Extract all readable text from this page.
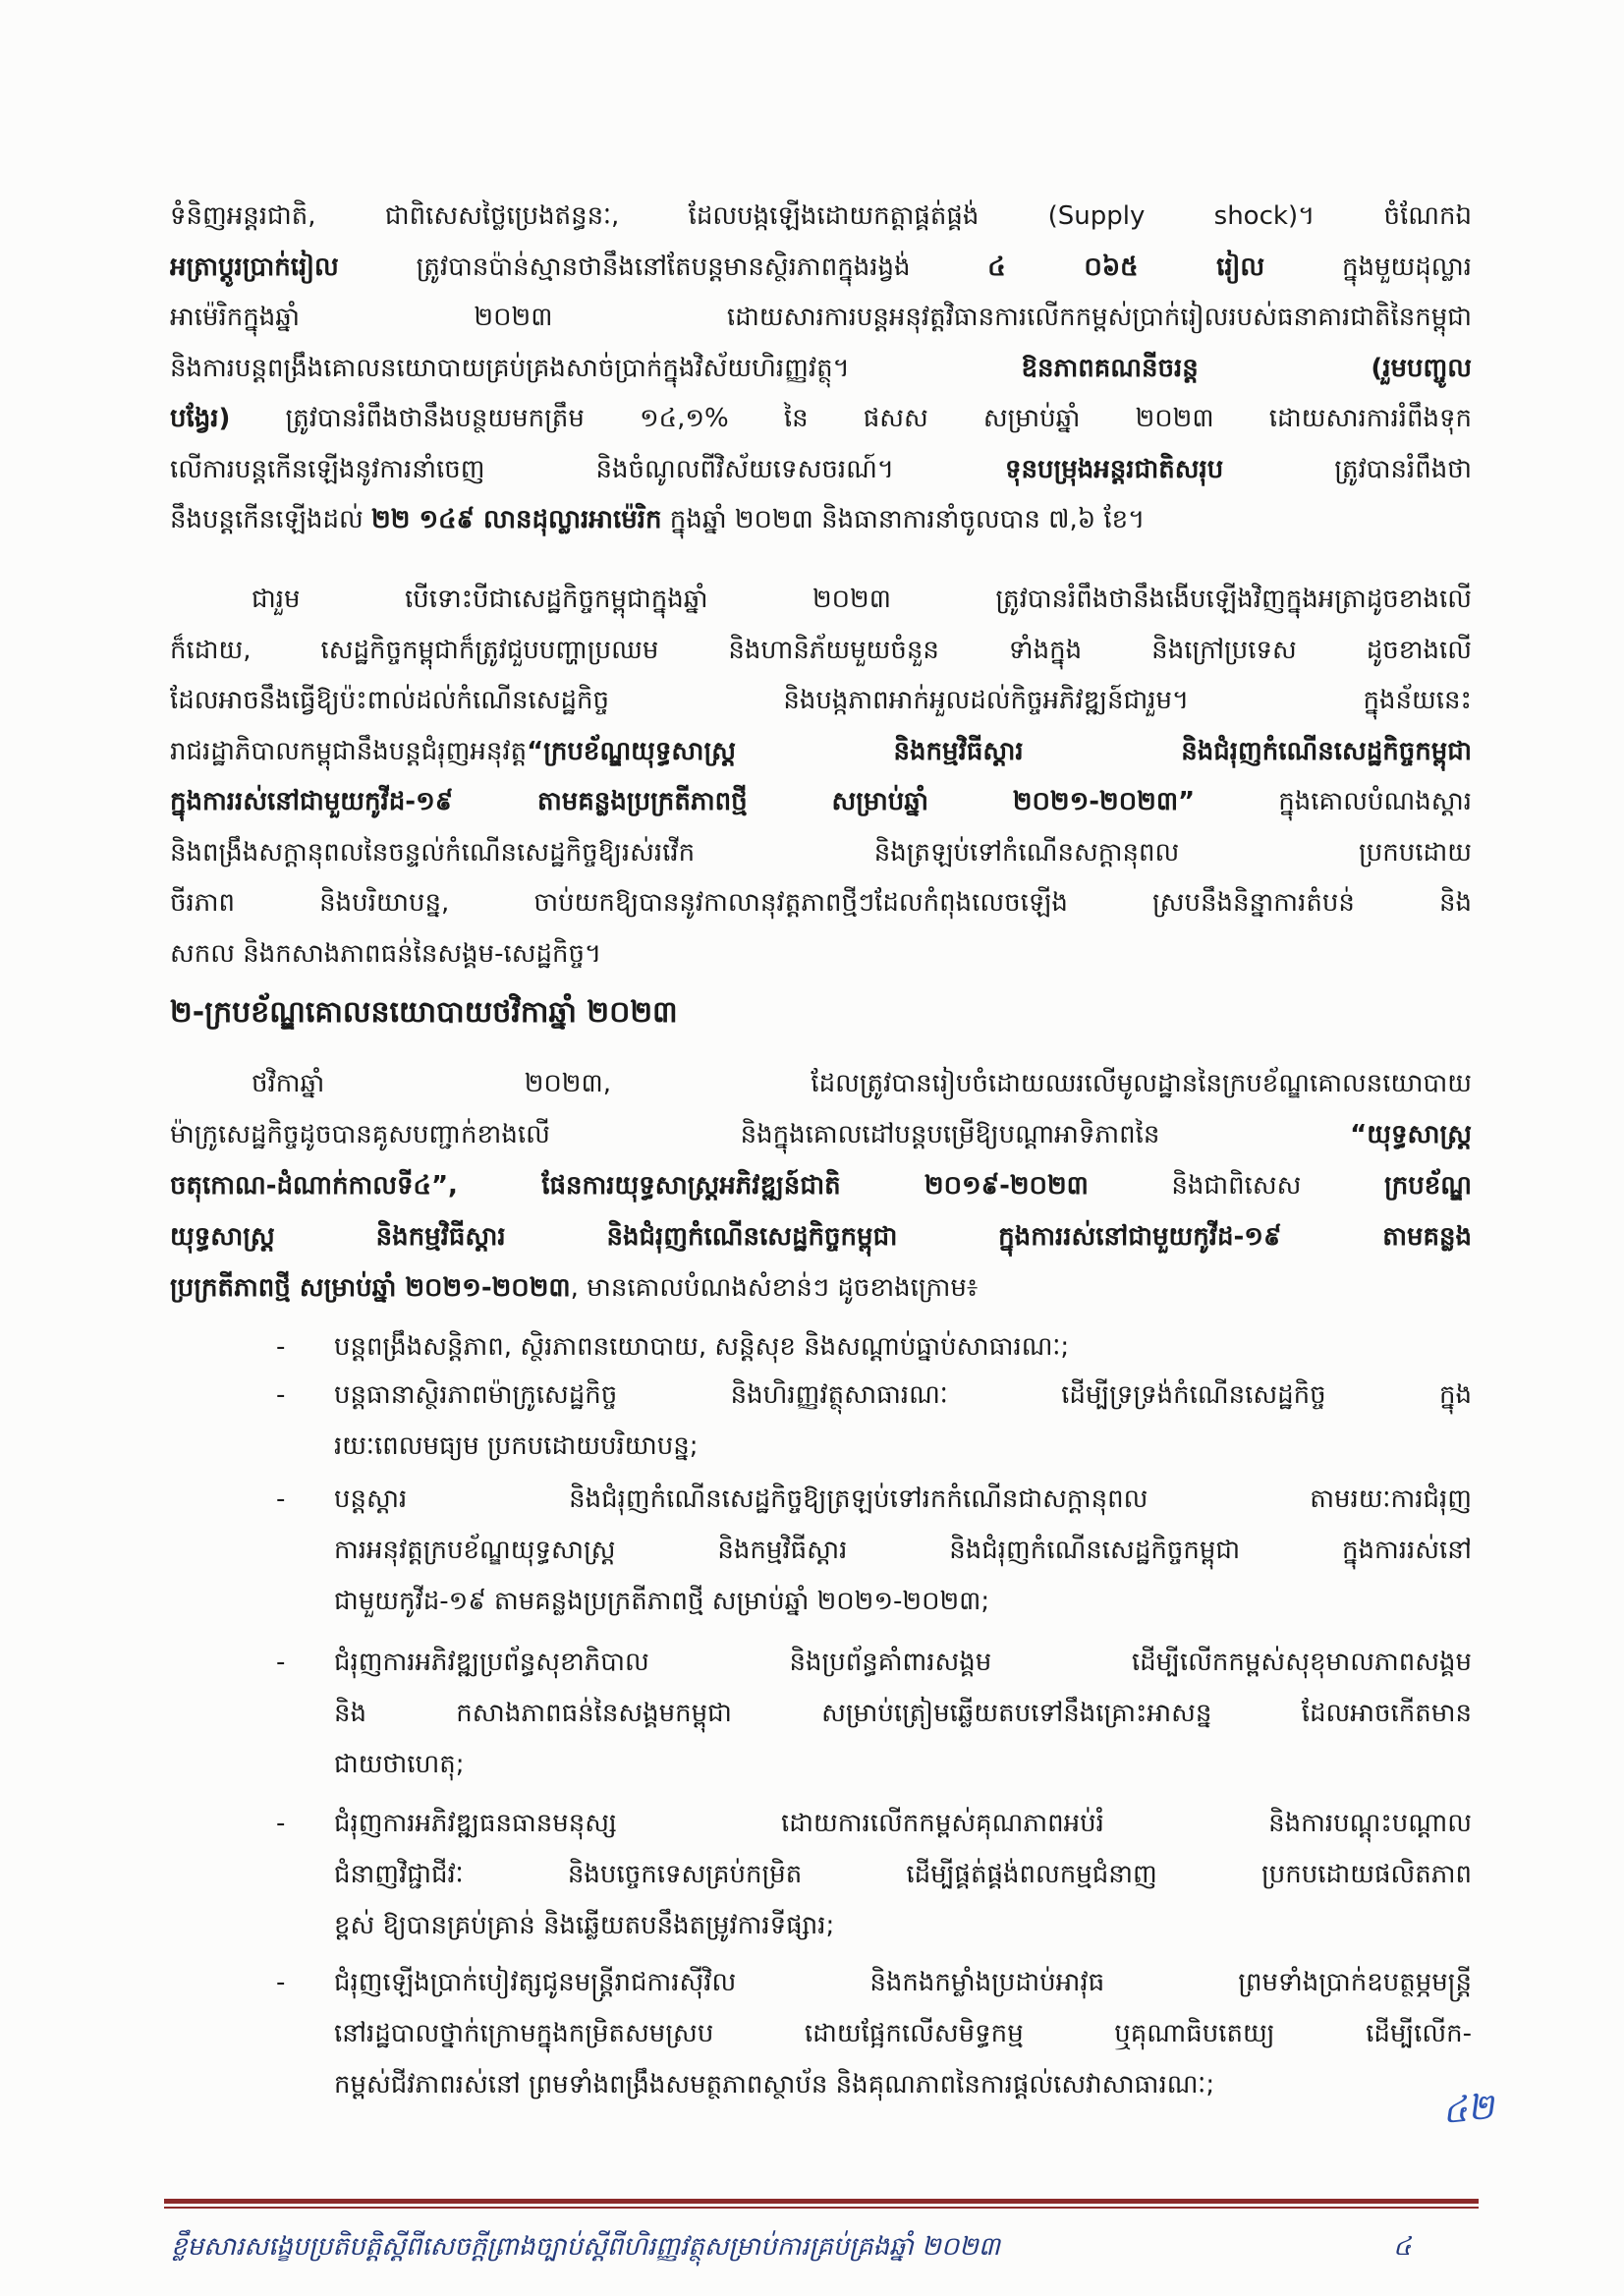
ទំនិញអន្តរជាតិ, ជាពិសេសថ្លៃប្រេងឥន្ធនៈ, ដែលបង្កឡើងដោយកត្តាផ្គត់ផ្គង់ (Supply shock)។ ចំណែកឯ
អត្រាប្តូរប្រាក់រៀល ត្រូវបានប៉ាន់ស្មានថានឹងនៅតែបន្តមានស្ថិរភាពក្នុងរង្វង់ ៤ ០៦៥ រៀល ក្នុងមួយដុល្លារ
អាម៉េរិកក្នុងឆ្នាំ ២០២៣ ដោយសារការបន្តអនុវត្តវិធានការលើកកម្ពស់ប្រាក់រៀលរបស់ធនាគារជាតិនៃកម្ពុជា
និងការបន្តពង្រឹងគោលនយោបាយគ្រប់គ្រងសាច់ប្រាក់ក្នុងវិស័យហិរញ្ញវត្ថុ។ ឱនភាពគណនីចរន្ត (រួមបញ្ចូល
បង្វែរ) ត្រូវបានរំពឹងថានឹងបន្ថយមកត្រឹម ១៤,១% នៃ ផសស សម្រាប់ឆ្នាំ ២០២៣ ដោយសារការរំពឹងទុក
លើការបន្តកើនឡើងនូវការនាំចេញ និងចំណូលពីវិស័យទេសចរណ៍។ ទុនបម្រុងអន្តរជាតិសរុប ត្រូវបានរំពឹងថា
នឹងបន្តកើនឡើងដល់ ២២ ១៤៩ លានដុល្លារអាម៉េរិក ក្នុងឆ្នាំ ២០២៣ និងធានាការនាំចូលបាន ៧,៦ ខែ។
ជារួម បើទោះបីជាសេដ្ឋកិច្ចកម្ពុជាក្នុងឆ្នាំ ២០២៣ ត្រូវបានរំពឹងថានឹងងើបឡើងវិញក្នុងអត្រាដូចខាងលើ
ក៏ដោយ, សេដ្ឋកិច្ចកម្ពុជាក៏ត្រូវជួបបញ្ហាប្រឈម និងហានិភ័យមួយចំនួន ទាំងក្នុង និងក្រៅប្រទេស ដូចខាងលើ
ដែលអាចនឹងធ្វើឱ្យប៉ះពាល់ដល់កំណើនសេដ្ឋកិច្ច និងបង្កភាពអាក់អួលដល់កិច្ចអភិវឌ្ឍន៍ជារួម។ ក្នុងន័យនេះ
រាជរដ្ឋាភិបាលកម្ពុជានឹងបន្តជំរុញអនុវត្ត“ក្របខ័ណ្ឌយុទ្ធសាស្ត្រ និងកម្មវិធីស្តារ និងជំរុញកំណើនសេដ្ឋកិច្ចកម្ពុជា
ក្នុងការរស់នៅជាមួយកូវីដ-១៩ តាមគន្លងប្រក្រតីភាពថ្មី សម្រាប់ឆ្នាំ ២០២១-២០២៣” ក្នុងគោលបំណងស្តារ
និងពង្រឹងសក្តានុពលនៃចន្ទល់កំណើនសេដ្ឋកិច្ចឱ្យរស់រវើក និងត្រឡប់ទៅកំណើនសក្តានុពល ប្រកបដោយ
ចីរភាព និងបរិយាបន្ន, ចាប់យកឱ្យបាននូវកាលានុវត្តភាពថ្មីៗដែលកំពុងលេចឡើង ស្របនឹងនិន្នាការតំបន់ និង
សកល និងកសាងភាពធន់នៃសង្គម-សេដ្ឋកិច្ច។
២-ក្របខ័ណ្ឌគោលនយោបាយថវិកាឆ្នាំ ២០២៣
ថវិកាឆ្នាំ ២០២៣, ដែលត្រូវបានរៀបចំដោយឈរលើមូលដ្ឋាននៃក្របខ័ណ្ឌគោលនយោបាយ
ម៉ាក្រូសេដ្ឋកិច្ចដូចបានគូសបញ្ជាក់ខាងលើ និងក្នុងគោលដៅបន្តបម្រើឱ្យបណ្តាអាទិភាពនៃ “យុទ្ធសាស្ត្រ
ចតុកោណ-ដំណាក់កាលទី៤”, ផែនការយុទ្ធសាស្ត្រអភិវឌ្ឍន៍ជាតិ ២០១៩-២០២៣ និងជាពិសេស ក្របខ័ណ្ឌ
យុទ្ធសាស្ត្រ និងកម្មវិធីស្តារ និងជំរុញកំណើនសេដ្ឋកិច្ចកម្ពុជា ក្នុងការរស់នៅជាមួយកូវីដ-១៩ តាមគន្លង
ប្រក្រតីភាពថ្មី សម្រាប់ឆ្នាំ ២០២១-២០២៣, មានគោលបំណងសំខាន់ៗ ដូចខាងក្រោម៖
- បន្តពង្រឹងសន្តិភាព, ស្ថិរភាពនយោបាយ, សន្តិសុខ និងសណ្តាប់ធ្នាប់សាធារណៈ;
- បន្តធានាស្ថិរភាពម៉ាក្រូសេដ្ឋកិច្ច និងហិរញ្ញវត្ថុសាធារណៈ ដើម្បីទ្រទ្រង់កំណើនសេដ្ឋកិច្ច ក្នុង
រយៈពេលមធ្យម ប្រកបដោយបរិយាបន្ន;
- បន្តស្តារ និងជំរុញកំណើនសេដ្ឋកិច្ចឱ្យត្រឡប់ទៅរកកំណើនជាសក្តានុពល តាមរយៈការជំរុញ
ការអនុវត្តក្របខ័ណ្ឌយុទ្ធសាស្ត្រ និងកម្មវិធីស្តារ និងជំរុញកំណើនសេដ្ឋកិច្ចកម្ពុជា ក្នុងការរស់នៅ
ជាមួយកូវីដ-១៩ តាមគន្លងប្រក្រតីភាពថ្មី សម្រាប់ឆ្នាំ ២០២១-២០២៣;
- ជំរុញការអភិវឌ្ឍប្រព័ន្ធសុខាភិបាល និងប្រព័ន្ធគាំពារសង្គម ដើម្បីលើកកម្ពស់សុខុមាលភាពសង្គម
និង កសាងភាពធន់នៃសង្គមកម្ពុជា សម្រាប់ត្រៀមឆ្លើយតបទៅនឹងគ្រោះអាសន្ន ដែលអាចកើតមាន
ជាយថាហេតុ;
- ជំរុញការអភិវឌ្ឍធនធានមនុស្ស ដោយការលើកកម្ពស់គុណភាពអប់រំ និងការបណ្តុះបណ្តាល
ជំនាញវិជ្ជាជីវៈ និងបច្ចេកទេសគ្រប់កម្រិត ដើម្បីផ្គត់ផ្គង់ពលកម្មជំនាញ ប្រកបដោយផលិតភាព
ខ្ពស់ ឱ្យបានគ្រប់គ្រាន់ និងឆ្លើយតបនឹងតម្រូវការទីផ្សារ;
- ជំរុញឡើងប្រាក់បៀវត្សជូនមន្ត្រីរាជការស៊ីវិល និងកងកម្លាំងប្រដាប់អាវុធ ព្រមទាំងប្រាក់ឧបត្ថម្ភមន្ត្រី
នៅរដ្ឋបាលថ្នាក់ក្រោមក្នុងកម្រិតសមស្រប ដោយផ្អែកលើសមិទ្ធកម្ម ឬគុណាធិបតេយ្យ ដើម្បីលើក-
កម្ពស់ជីវភាពរស់នៅ ព្រមទាំងពង្រឹងសមត្ថភាពស្ថាប័ន និងគុណភាពនៃការផ្តល់សេវាសាធារណៈ;
៤២
ខ្លឹមសារសង្ខេបប្រតិបត្តិស្តីពីសេចក្តីព្រាងច្បាប់ស្តីពីហិរញ្ញវត្ថុសម្រាប់ការគ្រប់គ្រងឆ្នាំ ២០២៣	៤
